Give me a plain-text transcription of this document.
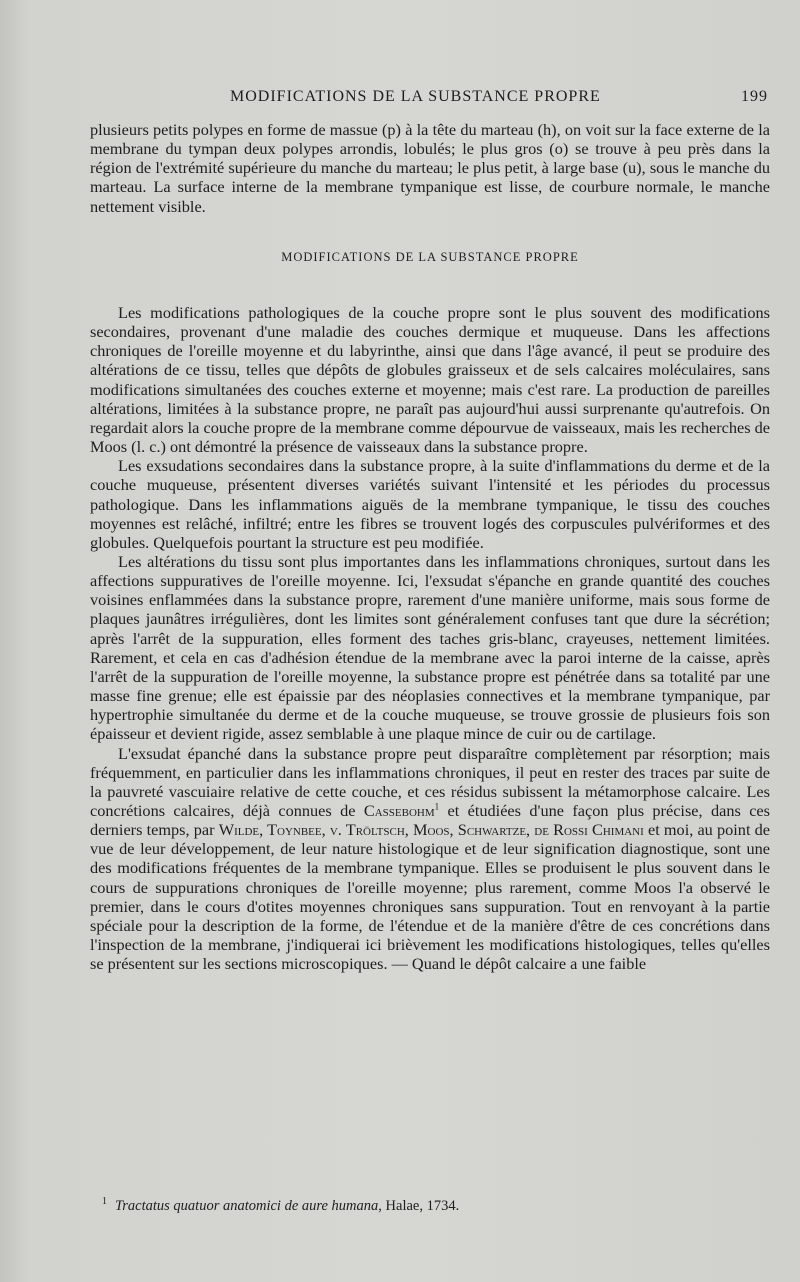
MODIFICATIONS DE LA SUBSTANCE PROPRE	199

plusieurs petits polypes en forme de massue (p) à la tête du marteau (h), on voit sur la face externe de la membrane du tympan deux polypes arrondis, lobulés; le plus gros (o) se trouve à peu près dans la région de l'extrémité supérieure du manche du marteau; le plus petit, à large base (u), sous le manche du marteau. La surface interne de la membrane tympanique est lisse, de courbure normale, le manche nettement visible.

MODIFICATIONS DE LA SUBSTANCE PROPRE

Les modifications pathologiques de la couche propre sont le plus souvent des modifications secondaires, provenant d'une maladie des couches dermique et muqueuse. Dans les affections chroniques de l'oreille moyenne et du labyrinthe, ainsi que dans l'âge avancé, il peut se produire des altérations de ce tissu, telles que dépôts de globules graisseux et de sels calcaires moléculaires, sans modifications simultanées des couches externe et moyenne; mais c'est rare. La production de pareilles altérations, limitées à la substance propre, ne paraît pas aujourd'hui aussi surprenante qu'autrefois. On regardait alors la couche propre de la membrane comme dépourvue de vaisseaux, mais les recherches de Moos (l. c.) ont démontré la présence de vaisseaux dans la substance propre.

Les exsudations secondaires dans la substance propre, à la suite d'inflammations du derme et de la couche muqueuse, présentent diverses variétés suivant l'intensité et les périodes du processus pathologique. Dans les inflammations aiguës de la membrane tympanique, le tissu des couches moyennes est relâché, infiltré; entre les fibres se trouvent logés des corpuscules pulvériformes et des globules. Quelquefois pourtant la structure est peu modifiée.

Les altérations du tissu sont plus importantes dans les inflammations chroniques, surtout dans les affections suppuratives de l'oreille moyenne. Ici, l'exsudat s'épanche en grande quantité des couches voisines enflammées dans la substance propre, rarement d'une manière uniforme, mais sous forme de plaques jaunâtres irrégulières, dont les limites sont généralement confuses tant que dure la sécrétion; après l'arrêt de la suppuration, elles forment des taches gris-blanc, crayeuses, nettement limitées. Rarement, et cela en cas d'adhésion étendue de la membrane avec la paroi interne de la caisse, après l'arrêt de la suppuration de l'oreille moyenne, la substance propre est pénétrée dans sa totalité par une masse fine grenue; elle est épaissie par des néoplasies connectives et la membrane tympanique, par hypertrophie simultanée du derme et de la couche muqueuse, se trouve grossie de plusieurs fois son épaisseur et devient rigide, assez semblable à une plaque mince de cuir ou de cartilage.

L'exsudat épanché dans la substance propre peut disparaître complètement par résorption; mais fréquemment, en particulier dans les inflammations chroniques, il peut en rester des traces par suite de la pauvreté vascuiaire relative de cette couche, et ces résidus subissent la métamorphose calcaire. Les concrétions calcaires, déjà connues de Cassebohm$^1$ et étudiées d'une façon plus précise, dans ces derniers temps, par Wilde, Toynbee, v. Tröltsch, Moos, Schwartze, de Rossi Chimani et moi, au point de vue de leur développement, de leur nature histologique et de leur signification diagnostique, sont une des modifications fréquentes de la membrane tympanique. Elles se produisent le plus souvent dans le cours de suppurations chroniques de l'oreille moyenne; plus rarement, comme Moos l'a observé le premier, dans le cours d'otites moyennes chroniques sans suppuration. Tout en renvoyant à la partie spéciale pour la description de la forme, de l'étendue et de la manière d'être de ces concrétions dans l'inspection de la membrane, j'indiquerai ici brièvement les modifications histologiques, telles qu'elles se présentent sur les sections microscopiques. — Quand le dépôt calcaire a une faible

$^1$ Tractatus quatuor anatomici de aure humana, Halae, 1734.
